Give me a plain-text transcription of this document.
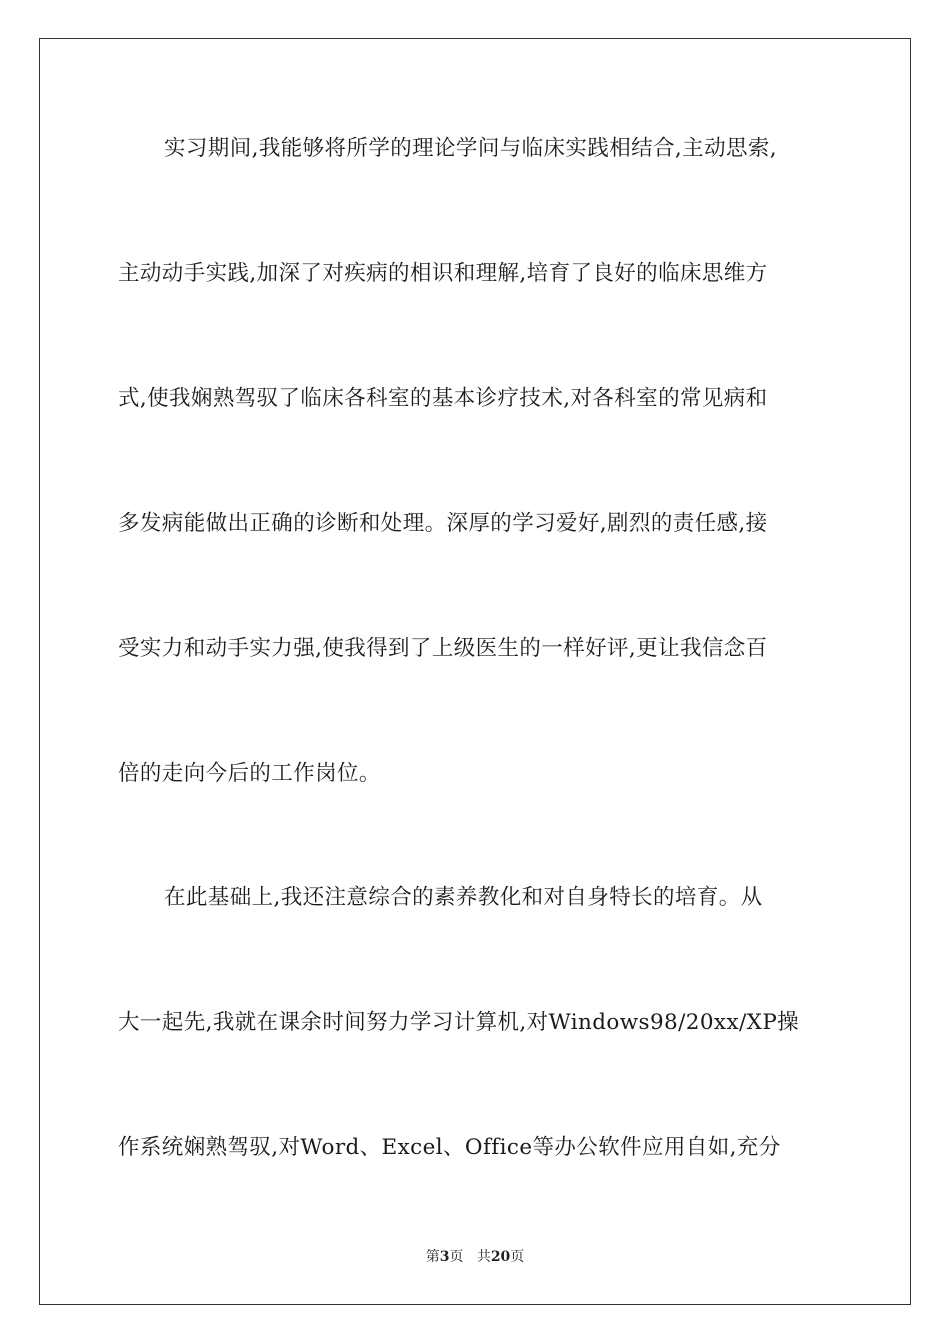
实习期间,我能够将所学的理论学问与临床实践相结合,主动思索,
主动动手实践,加深了对疾病的相识和理解,培育了良好的临床思维方
式,使我娴熟驾驭了临床各科室的基本诊疗技术,对各科室的常见病和
多发病能做出正确的诊断和处理。深厚的学习爱好,剧烈的责任感,接
受实力和动手实力强,使我得到了上级医生的一样好评,更让我信念百
倍的走向今后的工作岗位。
在此基础上,我还注意综合的素养教化和对自身特长的培育。从
大一起先,我就在课余时间努力学习计算机,对Windows98/20xx/XP操
作系统娴熟驾驭,对Word、Excel、Office等办公软件应用自如,充分
第3页 共20页
